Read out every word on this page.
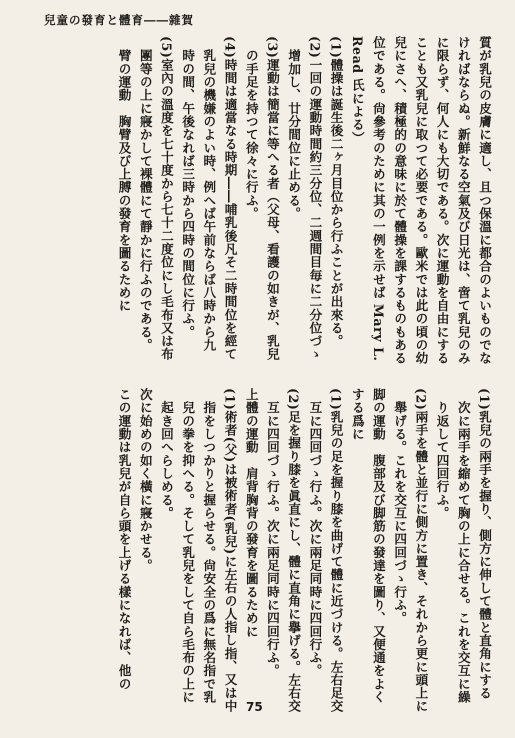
兒童の發育と體育――雜賀
質が乳兒の皮膚に適し、且つ保溫に都合のよいものでな
ければならぬ。新鮮なる空氣及び日光は、啻て乳兒のみ
に限らず、何人にも大切である。次に運動を自由にする
ことも又乳兒に取つて必要である。歐米では此の頃の幼
兒にさへ、積極的の意味に於て體操を課するものもある
位である。尙參考のために其の一例を示せば Mary L.
Read 氏による）
(1)體操は誕生後二ヶ月目位から行ふことが出來る。
(2)一回の運動時間約三分位、二週間目毎に二分位づゝ
　增加し、廿分間位に止める。
(3)運動は簡當に等へる者（父母、看護の如きが、乳兒
　の手足を持つて徐々に行ふ。
(4)時間は適當なる時期――哺乳後凡そ二時間位を經て
　乳兒の機嫌のよい時、例へば午前ならば八時から九
　時の間、午後なれば三時から四時の間位に行ふ。
(5)室內の溫度を七十度から七十二度位にし毛布又は布
　團等の上に寢かして裸體にて靜かに行ふのである。
　臂の運動　胸臂及び上膊の發育を圖るために
(1)乳兒の兩手を握り、側方に伸して體と直角にする
　次に兩手を縮めて胸の上に合せる。これを交互に繰
　り返して四回行ふ。
(2)兩手を體と並行に側方に置き、それから更に頭上に
　舉げる。これを交互に四回づゝ行ふ。
脚の運動　腹部及び脚筋の發達を圖り、又便通をよく
する爲に
(1)乳兒の足を握り膝を曲げて體に近づける。左右足交
　互に四回づゝ行ふ。次に兩足同時に四回行ふ。
(2)足を握り膝を眞直にし、體に直角に擧げる。左右交
　互に四回づゝ行ふ。次に兩足同時に四回行ふ。
上體の運動　肩背胸背の發育を圖るために
(1)術者(父)は被術者(乳兒)に左右の人指し指、又は中
　指をしつかりと握らせる。尙安全の爲に無名指で乳
　兒の拳を抑へる。そして乳兒をして自ら毛布の上に
　起き回へらしめる。
次に始めの如く橫に寢かせる。
この運動は乳兒が自ら頭を上げる樣になれば、他の
75
